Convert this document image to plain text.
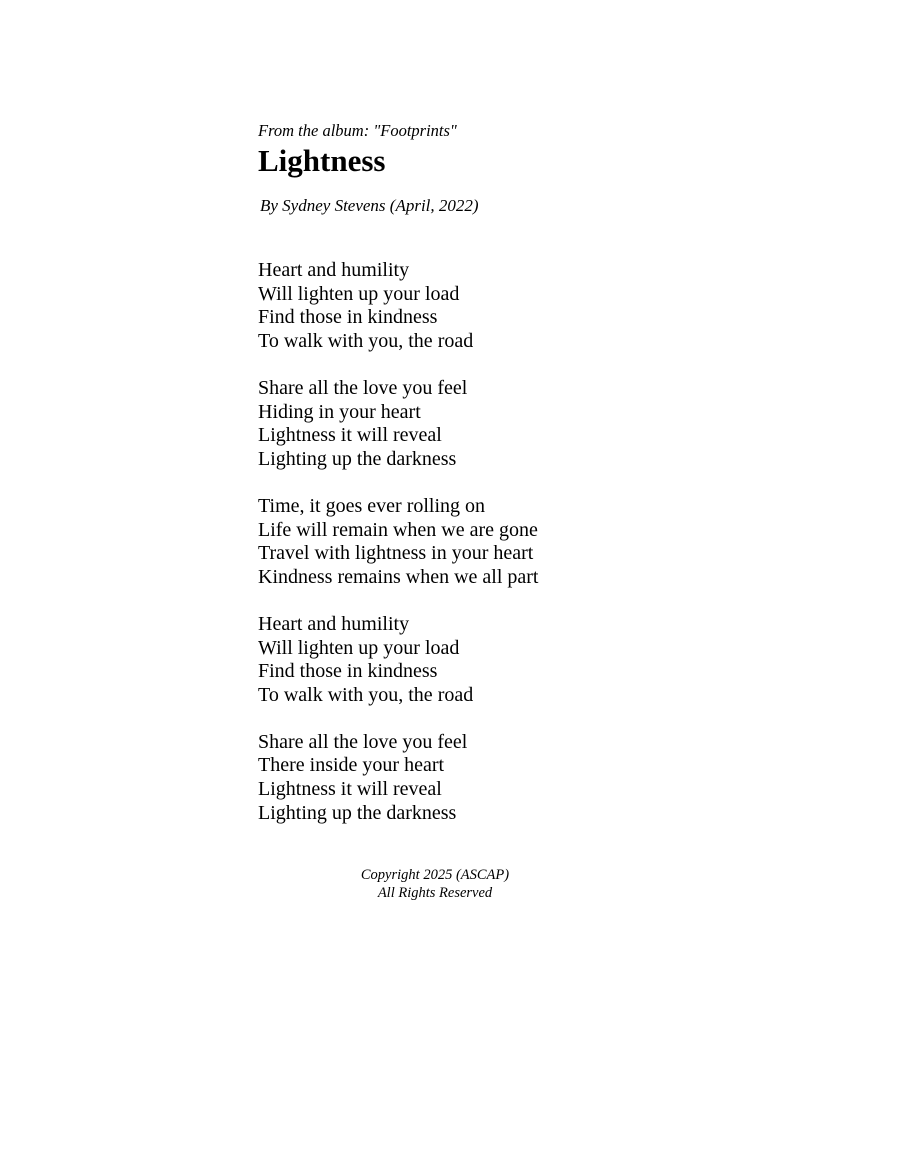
From the album: "Footprints"
Lightness
By Sydney Stevens (April, 2022)
Heart and humility
Will lighten up your load
Find those in kindness
To walk with you, the road
Share all the love you feel
Hiding in your heart
Lightness it will reveal
Lighting up the darkness
Time, it goes ever rolling on
Life will remain when we are gone
Travel with lightness in your heart
Kindness remains when we all part
Heart and humility
Will lighten up your load
Find those in kindness
To walk with you, the road
Share all the love you feel
There inside your heart
Lightness it will reveal
Lighting up the darkness
Copyright 2025 (ASCAP)
All Rights Reserved
